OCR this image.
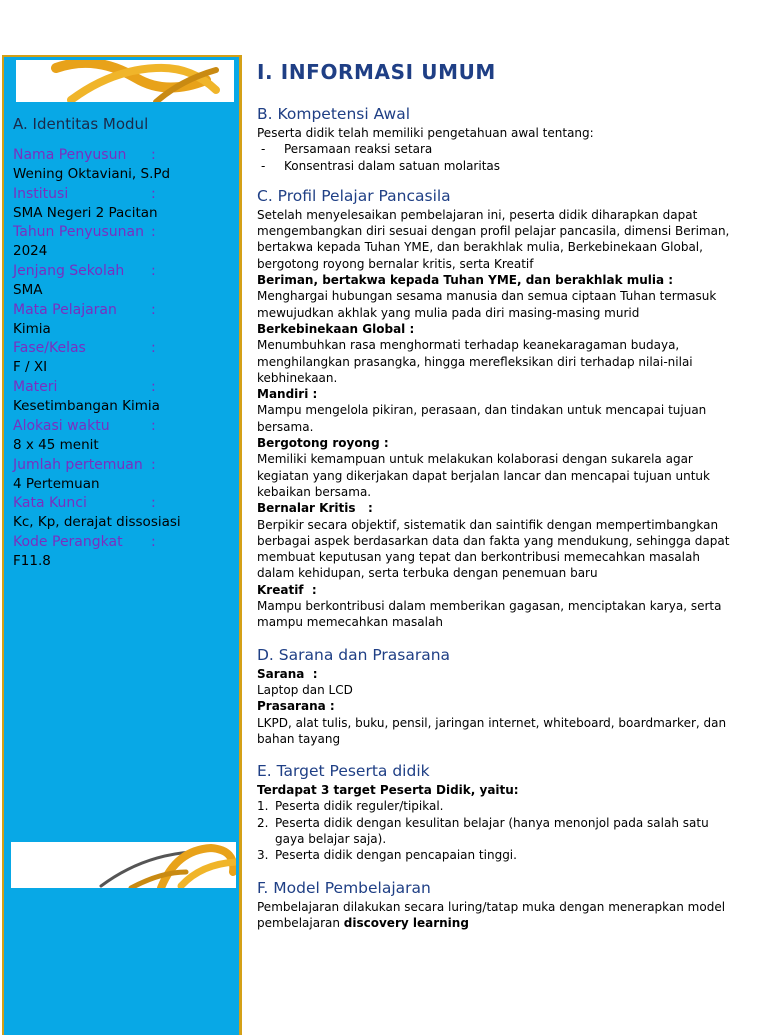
A. Identitas Modul
Nama Penyusun	:
Wening Oktaviani, S.Pd
Institusi	:
SMA Negeri 2 Pacitan
Tahun Penyusunan :
2024
Jenjang Sekolah	:
SMA
Mata Pelajaran	:
Kimia
Fase/Kelas	:
F / XI
Materi	:
Kesetimbangan Kimia
Alokasi waktu	:
8 x 45 menit
Jumlah pertemuan :
4 Pertemuan
Kata Kunci	:
Kc, Kp, derajat dissosiasi
Kode Perangkat	:
F11.8
I. INFORMASI UMUM
B. Kompetensi Awal

Peserta didik telah memiliki pengetahuan awal tentang:

-	Persamaan reaksi setara
-	Konsentrasi dalam satuan molaritas
C. Profil Pelajar Pancasila

Setelah menyelesaikan pembelajaran ini, peserta didik diharapkan dapat mengembangkan diri sesuai dengan profil pelajar pancasila, dimensi Beriman, bertakwa kepada Tuhan YME, dan berakhlak mulia, Berkebinekaan Global, bergotong royong bernalar kritis, serta Kreatif

Beriman, bertakwa kepada Tuhan YME, dan berakhlak mulia :

Menghargai hubungan sesama manusia dan semua ciptaan Tuhan termasuk mewujudkan akhlak yang mulia pada diri masing-masing murid

Berkebinekaan Global :

Menumbuhkan rasa menghormati terhadap keanekaragaman budaya, menghilangkan prasangka, hingga merefleksikan diri terhadap nilai-nilai kebhinekaan.

Mandiri :

Mampu mengelola pikiran, perasaan, dan tindakan untuk mencapai tujuan bersama.

Bergotong royong :

Memiliki kemampuan untuk melakukan kolaborasi dengan sukarela agar kegiatan yang dikerjakan dapat berjalan lancar dan mencapai tujuan untuk kebaikan bersama.

Bernalar Kritis   :

Berpikir secara objektif, sistematik dan saintifik dengan mempertimbangkan berbagai aspek berdasarkan data dan fakta yang mendukung, sehingga dapat membuat keputusan yang tepat dan berkontribusi memecahkan masalah dalam kehidupan, serta terbuka dengan penemuan baru

Kreatif  :

Mampu berkontribusi dalam memberikan gagasan, menciptakan karya, serta mampu memecahkan masalah

D. Sarana dan Prasarana

Sarana  :

Laptop dan LCD

Prasarana :

LKPD, alat tulis, buku, pensil, jaringan internet, whiteboard, boardmarker, dan bahan tayang

E. Target Peserta didik

Terdapat 3 target Peserta Didik, yaitu:

1. Peserta didik reguler/tipikal.
2. Peserta didik dengan kesulitan belajar (hanya menonjol pada salah satu gaya belajar saja).
3. Peserta didik dengan pencapaian tinggi.
F. Model Pembelajaran

Pembelajaran dilakukan secara luring/tatap muka dengan menerapkan model pembelajaran discovery learning
